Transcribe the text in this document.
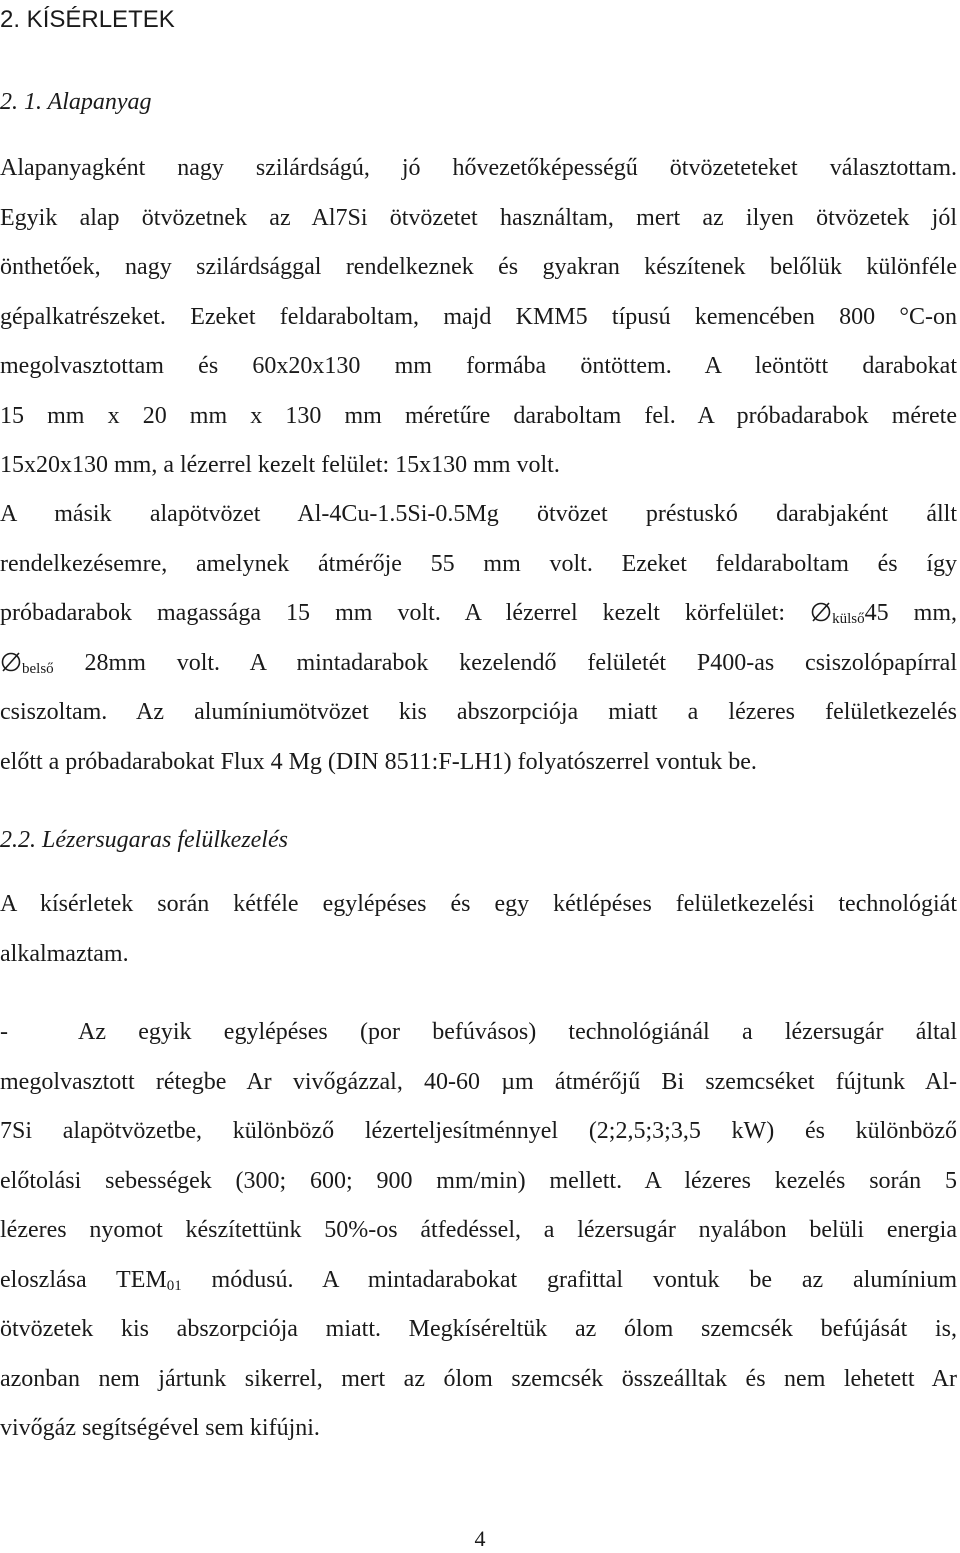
2. KÍSÉRLETEK
2. 1. Alapanyag
Alapanyagként nagy szilárdságú, jó hővezetőképességű ötvözeteteket választottam.
Egyik alap ötvözetnek az Al7Si ötvözetet használtam, mert az ilyen ötvözetek jól
önthetőek, nagy szilárdsággal rendelkeznek és gyakran készítenek belőlük különféle
gépalkatrészeket. Ezeket feldaraboltam, majd KMM5 típusú kemencében 800 °C-on
megolvasztottam és 60x20x130 mm formába öntöttem. A leöntött darabokat
15 mm x 20 mm x 130 mm méretűre daraboltam fel. A próbadarabok mérete
15x20x130 mm, a lézerrel kezelt felület: 15x130 mm volt.
A másik alapötvözet Al-4Cu-1.5Si-0.5Mg ötvözet préstuskó darabjaként állt
rendelkezésemre, amelynek átmérője 55 mm volt. Ezeket feldaraboltam és így
próbadarabok magassága 15 mm volt. A lézerrel kezelt körfelület:	$_{külső}$45 mm,
$_{belső}$ 28mm volt. A mintadarabok kezelendő felületét P400-as csiszolópapírral
csiszoltam. Az alumíniumötvözet kis abszorpciója miatt a lézeres felületkezelés
előtt a próbadarabokat Flux 4 Mg (DIN 8511:F-LH1) folyatószerrel vontuk be.
2.2. Lézersugaras felülkezelés
A kísérletek során kétféle egylépéses és egy kétlépéses felületkezelési technológiát
alkalmaztam.
-	Az egyik egylépéses (por befúvásos) technológiánál a lézersugár által
megolvasztott rétegbe Ar vivőgázzal, 40-60 µm átmérőjű Bi szemcséket fújtunk Al-
7Si alapötvözetbe, különböző lézerteljesítménnyel (2;2,5;3;3,5 kW) és különböző
előtolási sebességek (300; 600; 900 mm/min) mellett. A lézeres kezelés során 5
lézeres nyomot készítettünk 50%-os átfedéssel, a lézersugár nyalábon belüli energia
eloszlása $TEM_{01}$ módusú. A mintadarabokat grafittal vontuk be az alumínium
ötvözetek kis abszorpciója miatt. Megkíséreltük az ólom szemcsék befújását is,
azonban nem jártunk sikerrel, mert az ólom szemcsék összeálltak és nem lehetett Ar
vivőgáz segítségével sem kifújni.
4
